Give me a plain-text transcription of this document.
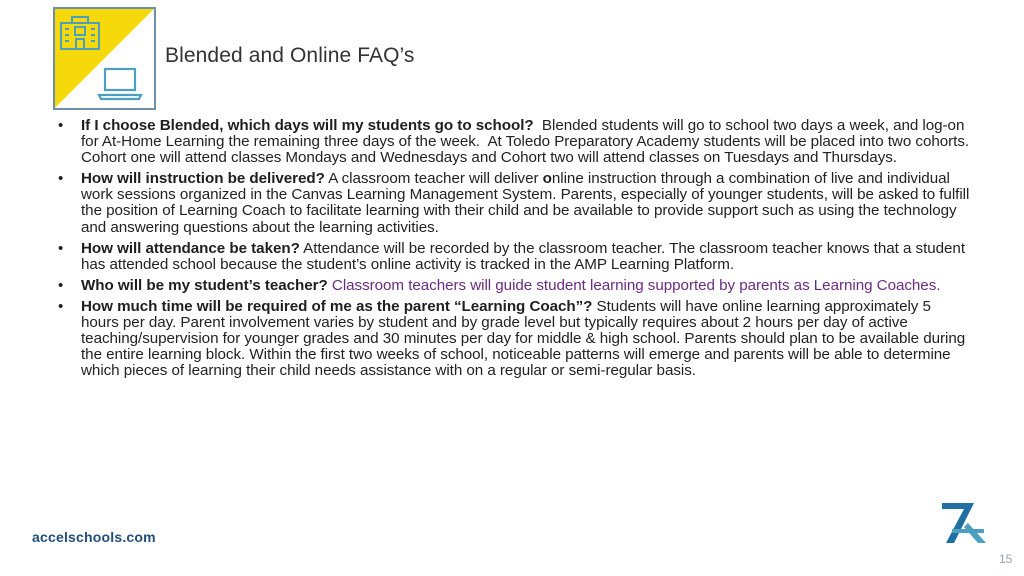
Blended and Online FAQ’s
• If I choose Blended, which days will my students go to school?  Blended students will go to school two days a week, and log-on for At-Home Learning the remaining three days of the week.  At Toledo Preparatory Academy students will be placed into two cohorts.  Cohort one will attend classes Mondays and Wednesdays and Cohort two will attend classes on Tuesdays and Thursdays.
• How will instruction be delivered? A classroom teacher will deliver online instruction through a combination of live and individual work sessions organized in the Canvas Learning Management System. Parents, especially of younger students, will be asked to fulfill the position of Learning Coach to facilitate learning with their child and be available to provide support such as using the technology and answering questions about the learning activities.
• How will attendance be taken? Attendance will be recorded by the classroom teacher. The classroom teacher knows that a student has attended school because the student’s online activity is tracked in the AMP Learning Platform.
• Who will be my student’s teacher? Classroom teachers will guide student learning supported by parents as Learning Coaches.
• How much time will be required of me as the parent “Learning Coach”? Students will have online learning approximately 5 hours per day. Parent involvement varies by student and by grade level but typically requires about 2 hours per day of active teaching/supervision for younger grades and 30 minutes per day for middle & high school. Parents should plan to be available during the entire learning block. Within the first two weeks of school, noticeable patterns will emerge and parents will be able to determine which pieces of learning their child needs assistance with on a regular or semi-regular basis.
accelschools.com
15
